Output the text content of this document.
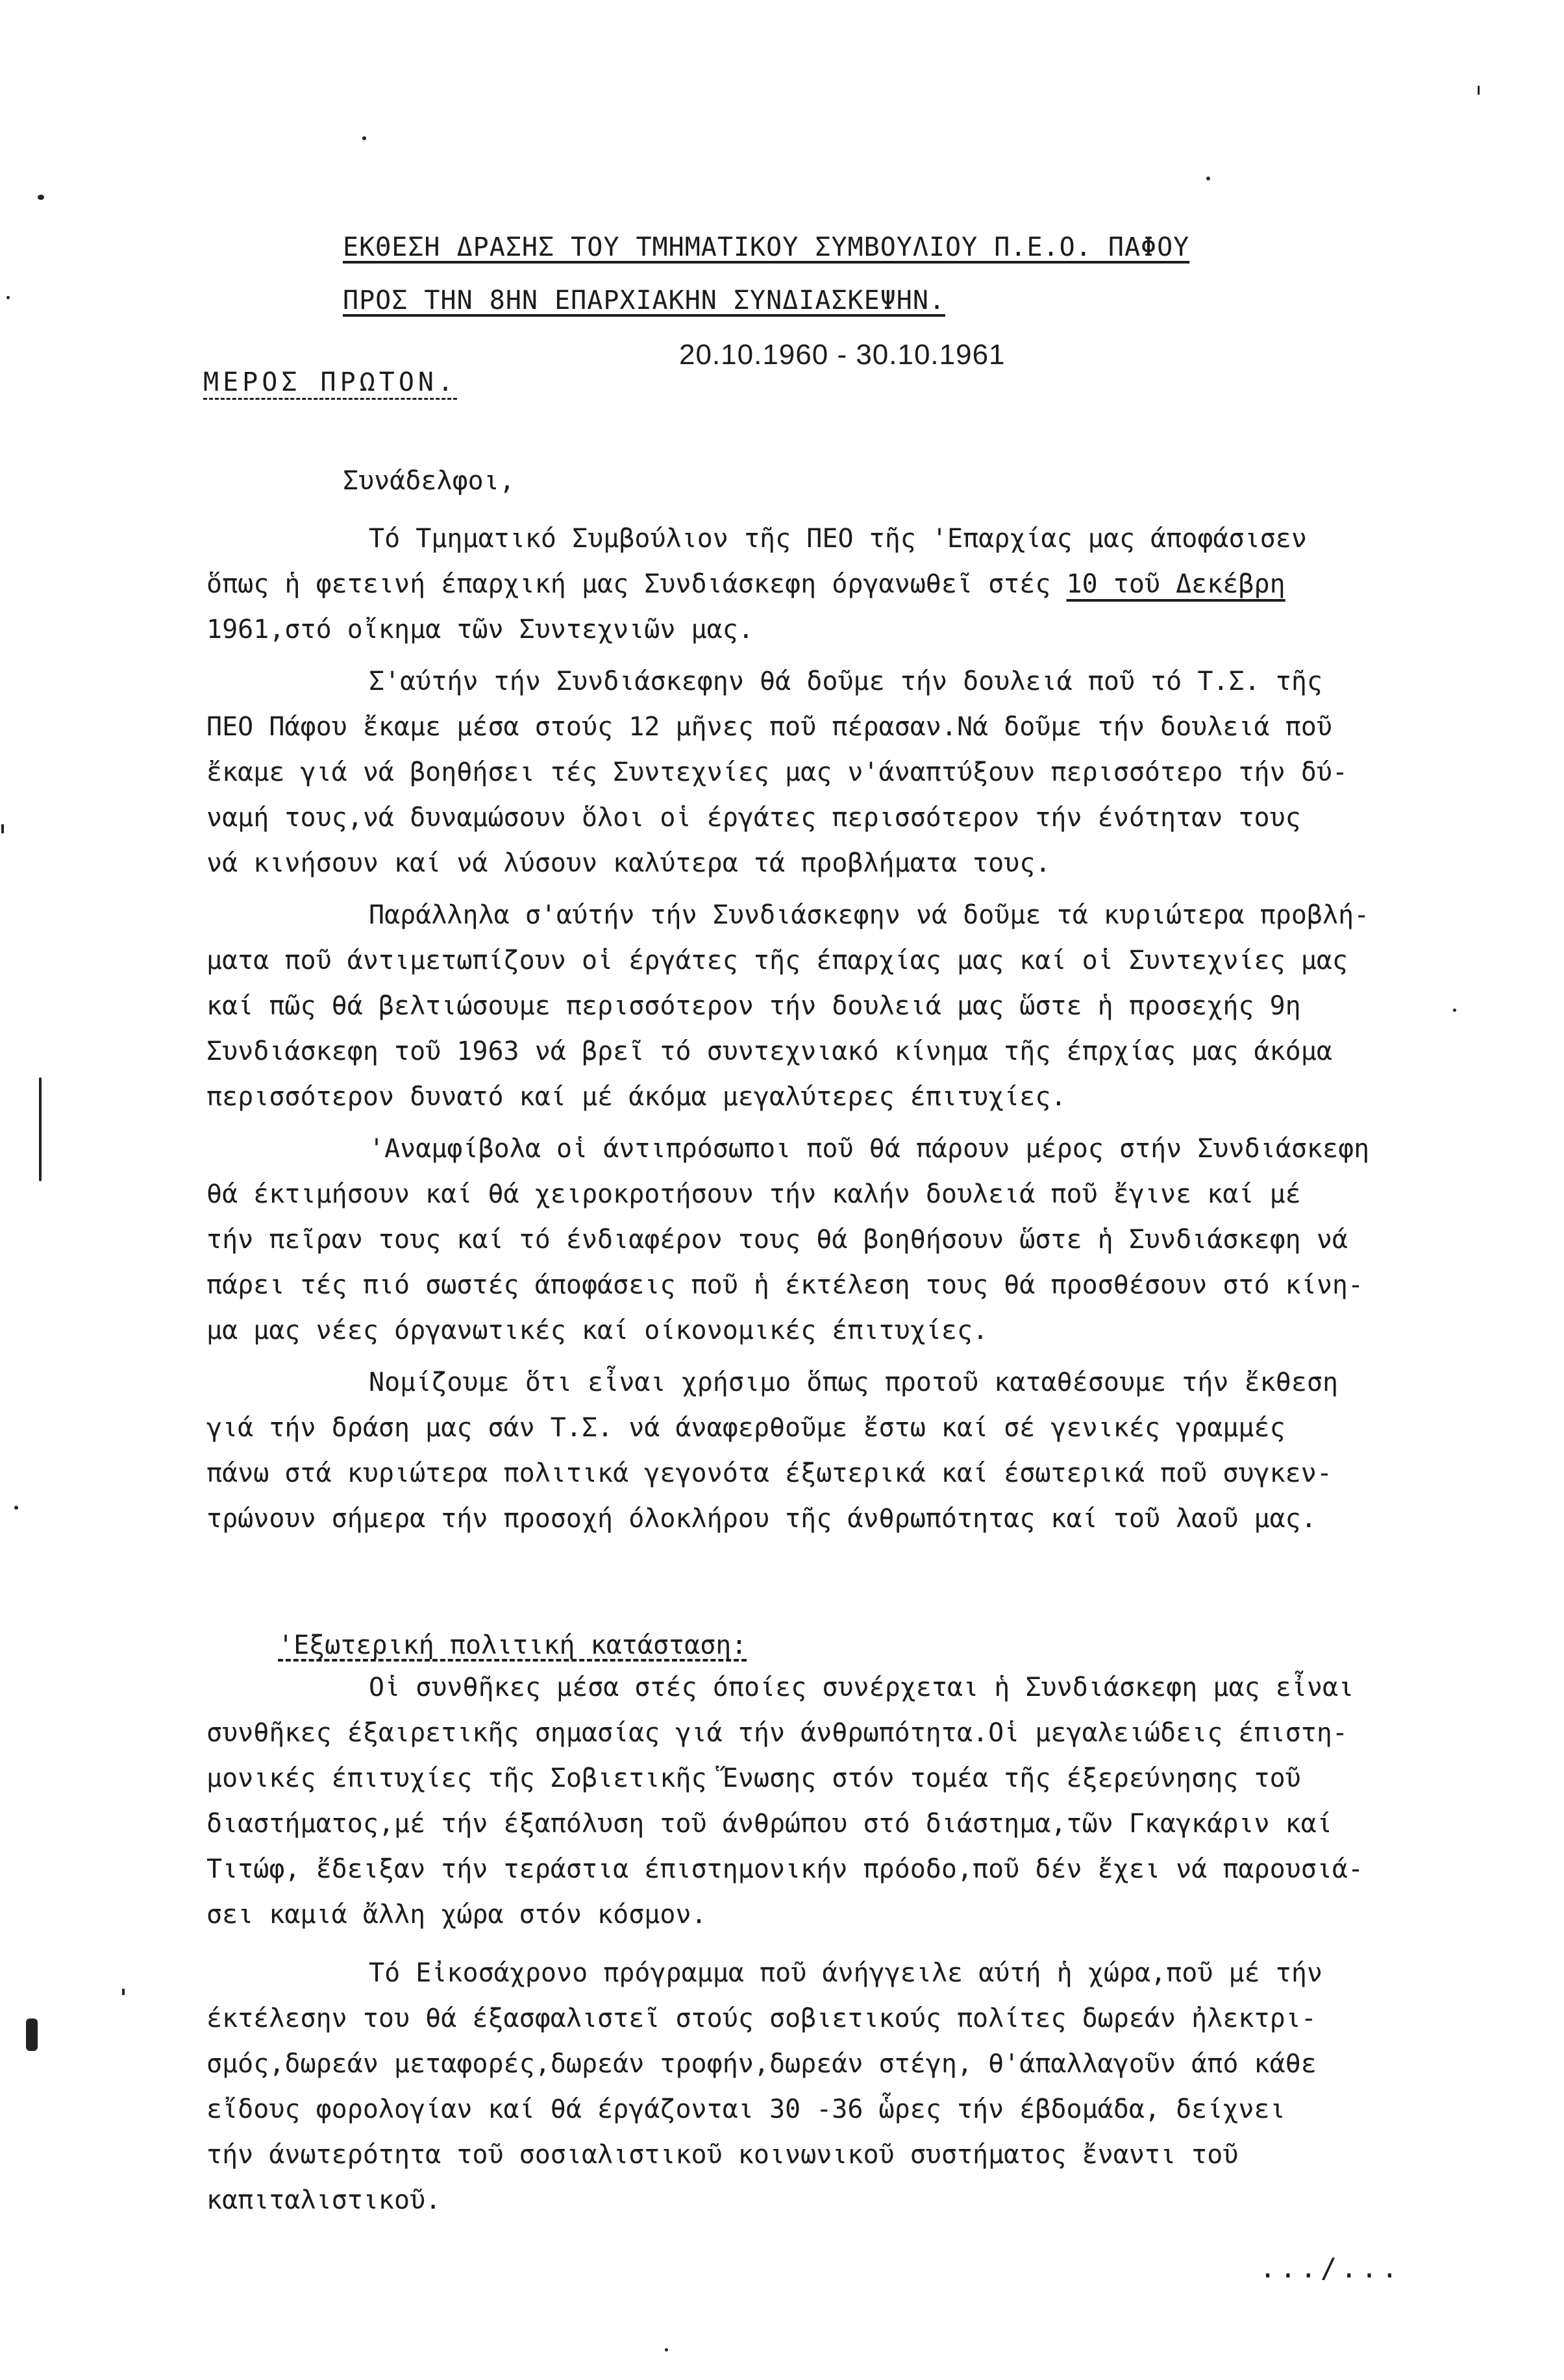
ΕΚΘΕΣΗ ΔΡΑΣΗΣ ΤΟΥ ΤΜΗΜΑΤΙΚΟΥ ΣΥΜΒΟΥΛΙΟΥ Π.Ε.Ο. ΠΑΦΟΥ
ΠΡΟΣ ΤΗΝ 8ΗΝ ΕΠΑΡΧΙΑΚΗΝ ΣΥΝΔΙΑΣΚΕΨΗΝ.
20.10.1960 - 30.10.1961
ΜΕΡΟΣ ΠΡΩΤΟΝ.
Συνάδελφοι,
Τό Τμηματικό Συμβούλιον τῆς ΠΕΟ τῆς 'Επαρχίας μας άποφάσισεν
ὅπως ἡ φετεινή έπαρχική μας Συνδιάσκεφη όργανωθεῖ στές 10 τοῦ Δεκέβρη
1961,στό οἴκημα τῶν Συντεχνιῶν μας.
Σ'αύτήν τήν Συνδιάσκεφην θά δοῦμε τήν δουλειά ποῦ τό Τ.Σ. τῆς
ΠΕΟ Πάφου ἔκαμε μέσα στούς 12 μῆνες ποῦ πέρασαν.Νά δοῦμε τήν δουλειά ποῦ
ἔκαμε γιά νά βοηθήσει τές Συντεχνίες μας ν'άναπτύξουν περισσότερο τήν δύ-
ναμή τους,νά δυναμώσουν ὅλοι οἱ έργάτες περισσότερον τήν ένότηταν τους
νά κινήσουν καί νά λύσουν καλύτερα τά προβλήματα τους.
Παράλληλα σ'αύτήν τήν Συνδιάσκεφην νά δοῦμε τά κυριώτερα προβλή-
ματα ποῦ άντιμετωπίζουν οἱ έργάτες τῆς έπαρχίας μας καί οἱ Συντεχνίες μας
καί πῶς θά βελτιώσουμε περισσότερον τήν δουλειά μας ὥστε ἡ προσεχής 9η
Συνδιάσκεφη τοῦ 1963 νά βρεῖ τό συντεχνιακό κίνημα τῆς έπρχίας μας άκόμα
περισσότερον δυνατό καί μέ άκόμα μεγαλύτερες έπιτυχίες.
'Αναμφίβολα οἱ άντιπρόσωποι ποῦ θά πάρουν μέρος στήν Συνδιάσκεφη
θά έκτιμήσουν καί θά χειροκροτήσουν τήν καλήν δουλειά ποῦ ἔγινε καί μέ
τήν πεῖραν τους καί τό ένδιαφέρον τους θά βοηθήσουν ὥστε ἡ Συνδιάσκεφη νά
πάρει τές πιό σωστές άποφάσεις ποῦ ἡ έκτέλεση τους θά προσθέσουν στό κίνη-
μα μας νέες όργανωτικές καί οίκονομικές έπιτυχίες.
Νομίζουμε ὅτι εἶναι χρήσιμο ὅπως προτοῦ καταθέσουμε τήν ἔκθεση
γιά τήν δράση μας σάν Τ.Σ. νά άναφερθοῦμε ἔστω καί σέ γενικές γραμμές
πάνω στά κυριώτερα πολιτικά γεγονότα έξωτερικά καί έσωτερικά ποῦ συγκεν-
τρώνουν σήμερα τήν προσοχή όλοκλήρου τῆς άνθρωπότητας καί τοῦ λαοῦ μας.
Οἱ συνθῆκες μέσα στές όποίες συνέρχεται ἡ Συνδιάσκεφη μας εἶναι
συνθῆκες έξαιρετικῆς σημασίας γιά τήν άνθρωπότητα.Οἱ μεγαλειώδεις έπιστη-
μονικές έπιτυχίες τῆς Σοβιετικῆς Ἕνωσης στόν τομέα τῆς έξερεύνησης τοῦ
διαστήματος,μέ τήν έξαπόλυση τοῦ άνθρώπου στό διάστημα,τῶν Γκαγκάριν καί
Τιτώφ, ἔδειξαν τήν τεράστια έπιστημονικήν πρόοδο,ποῦ δέν ἔχει νά παρουσιά-
σει καμιά ἄλλη χώρα στόν κόσμον.
Τό Εἰκοσάχρονο πρόγραμμα ποῦ άνήγγειλε αύτή ἡ χώρα,ποῦ μέ τήν
έκτέλεσην του θά έξασφαλιστεῖ στούς σοβιετικούς πολίτες δωρεάν ἠλεκτρι-
σμός,δωρεάν μεταφορές,δωρεάν τροφήν,δωρεάν στέγη, θ'άπαλλαγοῦν άπό κάθε
εἴδους φορολογίαν καί θά έργάζονται 30 -36 ὧρες τήν έβδομάδα, δείχνει
τήν άνωτερότητα τοῦ σοσιαλιστικοῦ κοινωνικοῦ συστήματος ἔναντι τοῦ
καπιταλιστικοῦ.
'Εξωτερική πολιτική κατάσταση:
.../...
